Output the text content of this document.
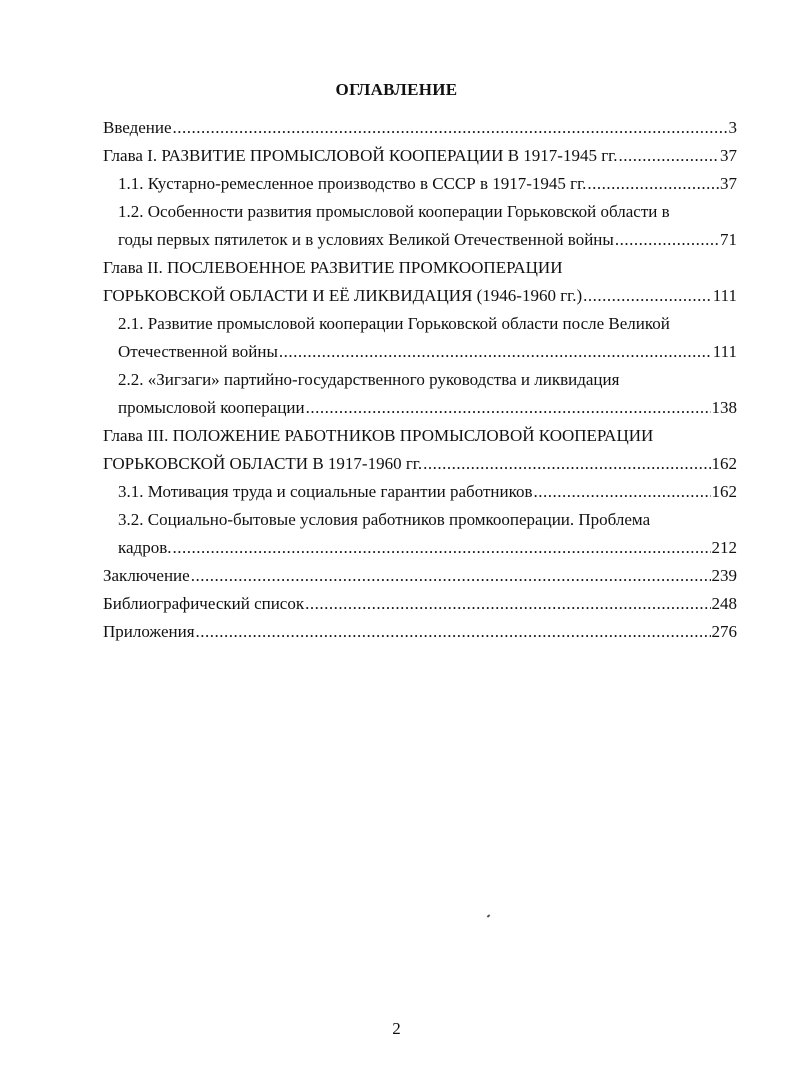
ОГЛАВЛЕНИЕ
Введение .....	3
Глава I. РАЗВИТИЕ ПРОМЫСЛОВОЙ КООПЕРАЦИИ В 1917-1945 гг. .....	37
1.1. Кустарно-ремесленное производство в СССР в 1917-1945 гг. .....	37
1.2. Особенности развития промысловой кооперации Горьковской области в
годы первых пятилеток и в условиях Великой Отечественной войны .....	71
Глава II. ПОСЛЕВОЕННОЕ РАЗВИТИЕ ПРОМКООПЕРАЦИИ
ГОРЬКОВСКОЙ ОБЛАСТИ И ЕЁ ЛИКВИДАЦИЯ (1946-1960 гг.) .....	111
2.1. Развитие промысловой кооперации Горьковской области после Великой
Отечественной войны .....	111
2.2. «Зигзаги» партийно-государственного руководства и ликвидация
промысловой кооперации .....	138
Глава III. ПОЛОЖЕНИЕ РАБОТНИКОВ ПРОМЫСЛОВОЙ КООПЕРАЦИИ
ГОРЬКОВСКОЙ ОБЛАСТИ В 1917-1960 гг. .....	162
3.1. Мотивация труда и социальные гарантии работников .....	162
3.2. Социально-бытовые условия работников промкооперации. Проблема
кадров. .....	212
Заключение .....	239
Библиографический список .....	248
Приложения .....	276
2
